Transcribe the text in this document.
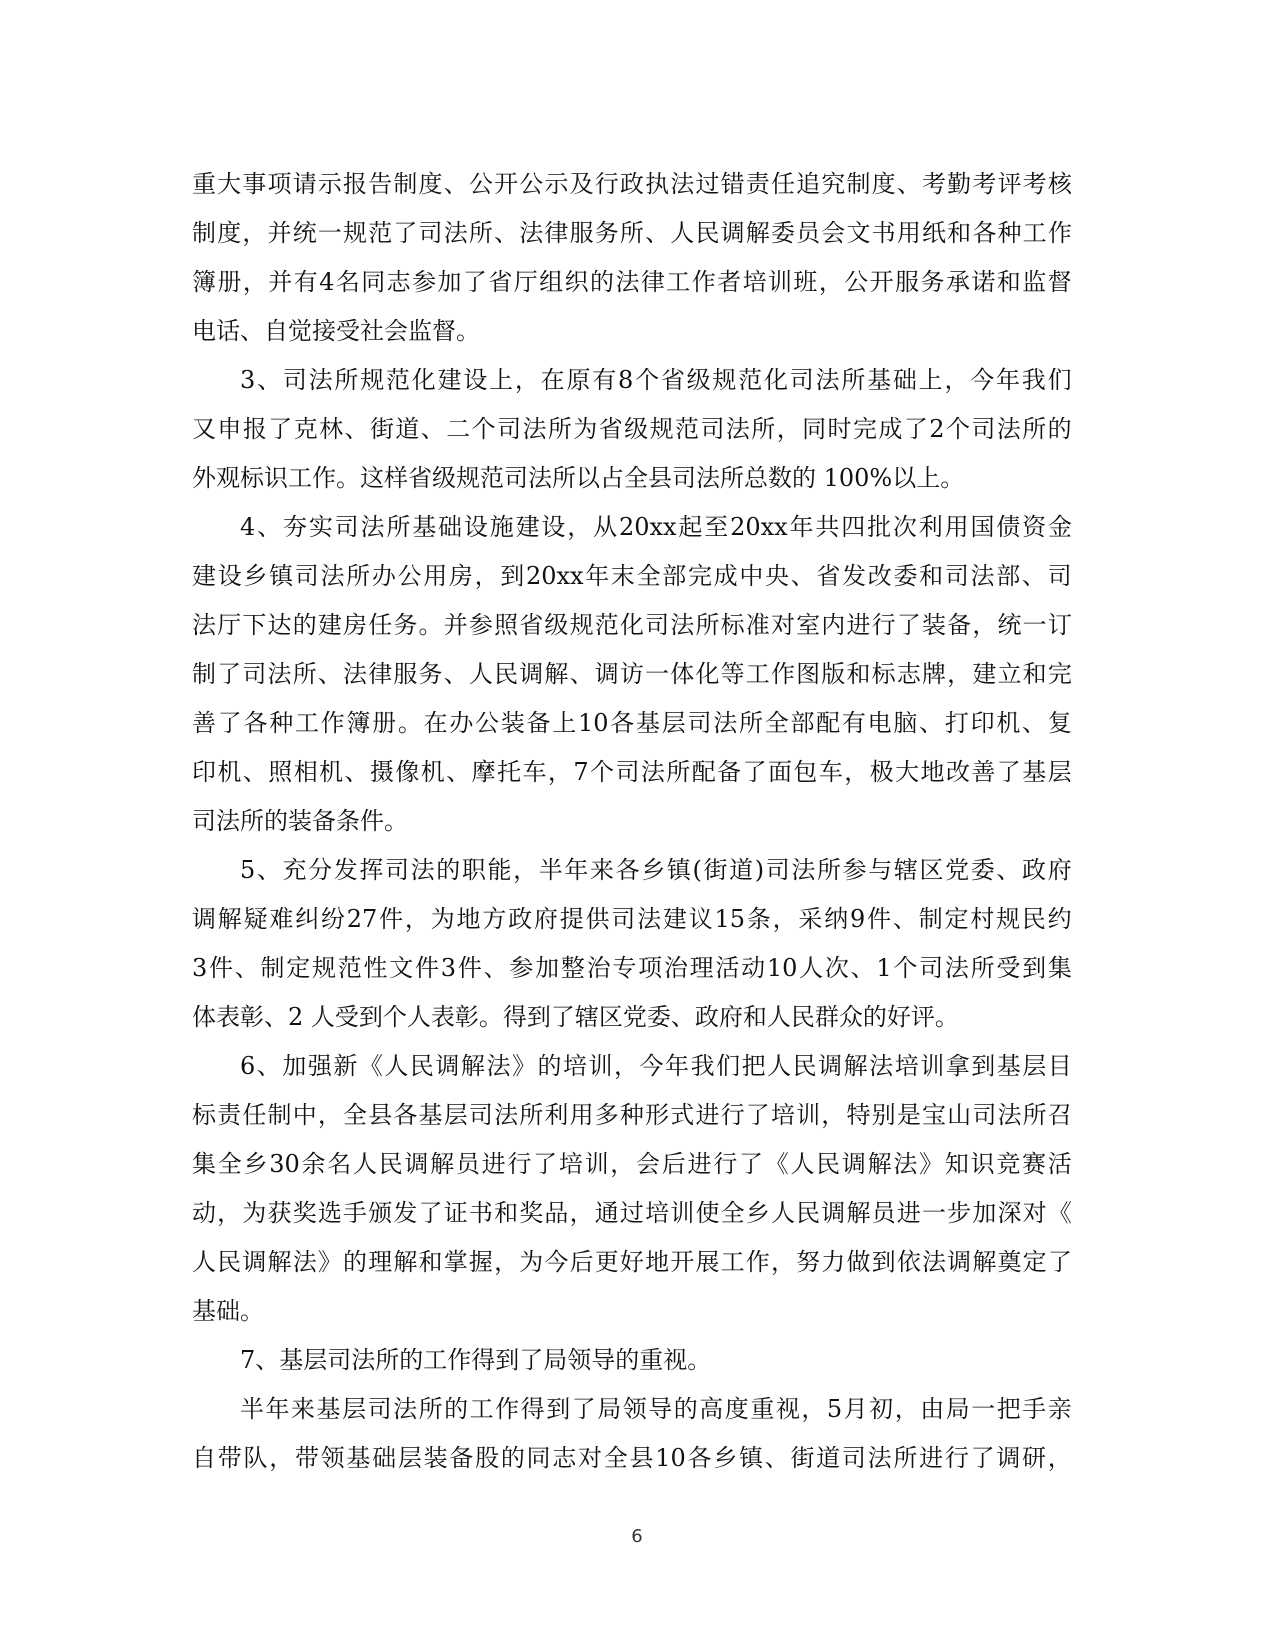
重 大 事 项 请 示 报 告 制 度 、 公 开 公 示 及 行 政 执 法 过 错 责 任 追 究 制 度 、 考 勤 考 评 考 核
制 度 ， 并 统 一 规 范 了 司 法 所 、 法 律 服 务 所 、 人 民 调 解 委 员 会 文 书 用 纸 和 各 种 工 作
簿 册 ， 并 有 4 名 同 志 参 加 了 省 厅 组 织 的 法 律 工 作 者 培 训 班 ， 公 开 服 务 承 诺 和 监 督
电话、自觉接受社会监督。
3 、 司 法 所 规 范 化 建 设 上 ， 在 原 有 8 个 省 级 规 范 化 司 法 所 基 础 上 ， 今 年 我 们
又 申 报 了 克 林 、 街 道 、 二 个 司 法 所 为 省 级 规 范 司 法 所 ， 同 时 完 成 了 2 个 司 法 所 的
外观标识工作。这样省级规范司法所以占全县司法所总数的 100%以上。
4 、 夯 实 司 法 所 基 础 设 施 建 设 ， 从 20xx 起 至 20xx 年 共 四 批 次 利 用 国 债 资 金
建 设 乡 镇 司 法 所 办 公 用 房 ， 到 20xx 年 末 全 部 完 成 中 央 、 省 发 改 委 和 司 法 部 、 司
法 厅 下 达 的 建 房 任 务 。 并 参 照 省 级 规 范 化 司 法 所 标 准 对 室 内 进 行 了 装 备 ， 统 一 订
制 了 司 法 所 、 法 律 服 务 、 人 民 调 解 、 调 访 一 体 化 等 工 作 图 版 和 标 志 牌 ， 建 立 和 完
善 了 各 种 工 作 簿 册 。 在 办 公 装 备 上 10 各 基 层 司 法 所 全 部 配 有 电 脑 、 打 印 机 、 复
印 机 、 照 相 机 、 摄 像 机 、 摩 托 车 ， 7 个 司 法 所 配 备 了 面 包 车 ， 极 大 地 改 善 了 基 层
司法所的装备条件。
5 、 充 分 发 挥 司 法 的 职 能 ， 半 年 来 各 乡 镇 ( 街 道 ) 司 法 所 参 与 辖 区 党 委 、 政 府
调 解 疑 难 纠 纷 27 件 ， 为 地 方 政 府 提 供 司 法 建 议 15 条 ， 采 纳 9 件 、 制 定 村 规 民 约
3 件 、 制 定 规 范 性 文 件 3 件 、 参 加 整 治 专 项 治 理 活 动 10 人 次 、 1 个 司 法 所 受 到 集
体表彰、2 人受到个人表彰。得到了辖区党委、政府和人民群众的好评。
6 、 加 强 新 《 人 民 调 解 法 》 的 培 训 ， 今 年 我 们 把 人 民 调 解 法 培 训 拿 到 基 层 目
标 责 任 制 中 ， 全 县 各 基 层 司 法 所 利 用 多 种 形 式 进 行 了 培 训 ， 特 别 是 宝 山 司 法 所 召
集 全 乡 30 余 名 人 民 调 解 员 进 行 了 培 训 ， 会 后 进 行 了 《 人 民 调 解 法 》 知 识 竞 赛 活
动 ， 为 获 奖 选 手 颁 发 了 证 书 和 奖 品 ， 通 过 培 训 使 全 乡 人 民 调 解 员 进 一 步 加 深 对 《
人 民 调 解 法 》 的 理 解 和 掌 握 ， 为 今 后 更 好 地 开 展 工 作 ， 努 力 做 到 依 法 调 解 奠 定 了
基础。
7、基层司法所的工作得到了局领导的重视。
半 年 来 基 层 司 法 所 的 工 作 得 到 了 局 领 导 的 高 度 重 视 ， 5 月 初 ， 由 局 一 把 手 亲
自 带 队 ， 带 领 基 础 层 装 备 股 的 同 志 对 全 县 10 各 乡 镇 、 街 道 司 法 所 进 行 了 调 研 ，
6
